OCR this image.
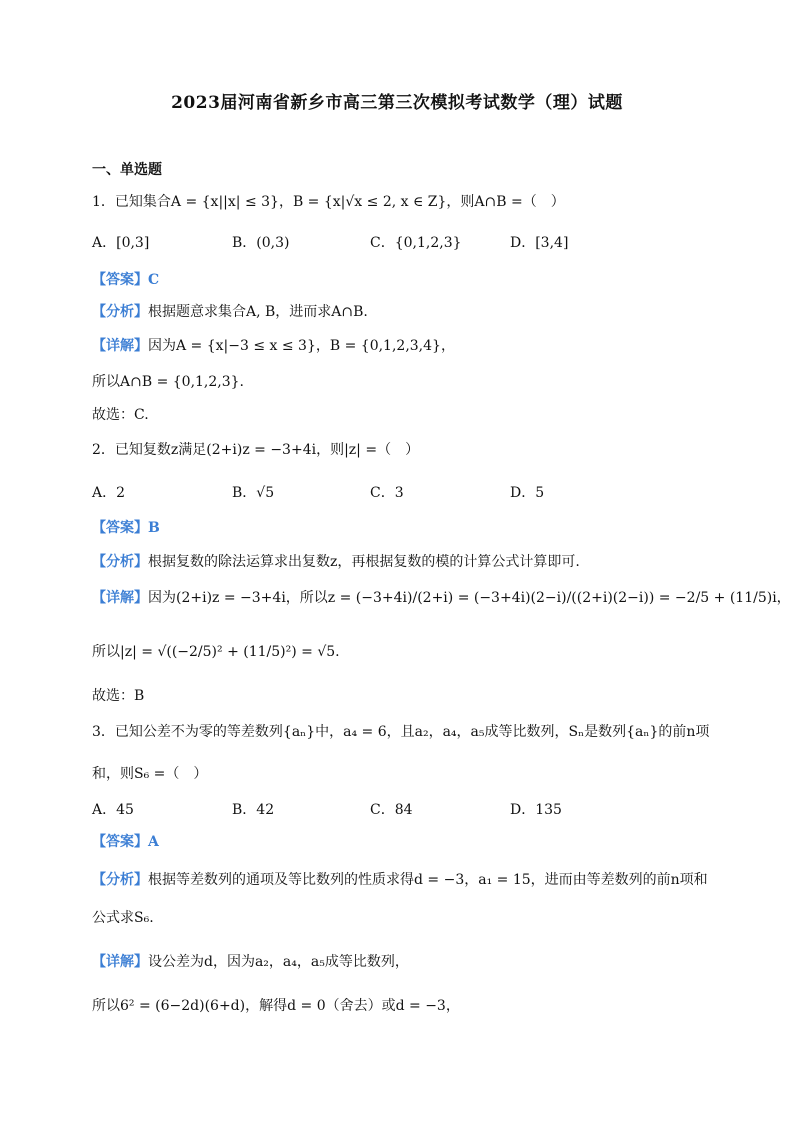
2023届河南省新乡市高三第三次模拟考试数学（理）试题
一、单选题
1．已知集合A = {x||x| ≤ 3}，B = {x|√x ≤ 2, x ∈ Z}，则A∩B =（　）
A．[0,3]	B．(0,3)	C．{0,1,2,3}	D．[3,4]
【答案】C
【分析】根据题意求集合A, B，进而求A∩B.
【详解】因为A = {x|−3 ≤ x ≤ 3}，B = {0,1,2,3,4}，
所以A∩B = {0,1,2,3}.
故选：C.
2．已知复数z满足(2+i)z = −3+4i，则|z| =（　）
A．2	B．√5	C．3	D．5
【答案】B
【分析】根据复数的除法运算求出复数z，再根据复数的模的计算公式计算即可.
【详解】因为(2+i)z = −3+4i，所以z = (−3+4i)/(2+i) = (−3+4i)(2−i)/((2+i)(2−i)) = −2/5 + (11/5)i，
所以|z| = √((−2/5)² + (11/5)²) = √5.
故选：B
3．已知公差不为零的等差数列{aₙ}中，a₄ = 6，且a₂，a₄，a₅成等比数列，Sₙ是数列{aₙ}的前n项
和，则S₆ =（　）
A．45	B．42	C．84	D．135
【答案】A
【分析】根据等差数列的通项及等比数列的性质求得d = −3，a₁ = 15，进而由等差数列的前n项和
公式求S₆.
【详解】设公差为d，因为a₂，a₄，a₅成等比数列，
所以6² = (6−2d)(6+d)，解得d = 0（舍去）或d = −3，
